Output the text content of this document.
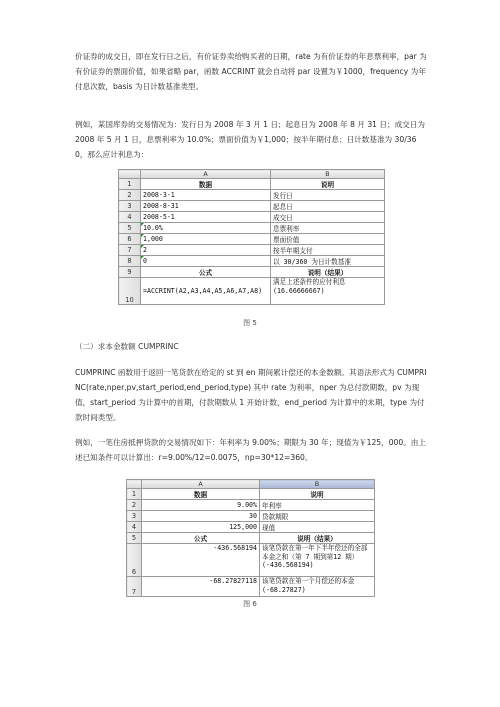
价证券的成交日，即在发行日之后，有价证券卖给购买者的日期，rate 为有价证券的年息票利率，par 为有价证券的票面价值，如果省略 par，函数 ACCRINT 就会自动将 par 设置为￥1000，frequency 为年付息次数，basis 为日计数基准类型。

例如，某国库券的交易情况为：发行日为 2008 年 3 月 1 日；起息日为 2008 年 8 月 31 日；成交日为 2008 年 5 月 1 日，息票利率为 10.0%；票面价值为￥1,000；按半年期付息；日计数基准为 30/360，那么应计利息为：

	A	B
1	数据	说明
2	2008-3-1	发行日
3	2008-8-31	起息日
4	2008-5-1	成交日
5	10.0%	息票利率
6	1,000	票面价值
7	2	按半年期支付
8	0	以 30/360 为日计数基准
9	公式	说明（结果）
10	=ACCRINT(A2,A3,A4,A5,A6,A7,A8)	满足上述条件的应付利息(16.66666667)
图 5
（二）求本金数额 CUMPRINC

CUMPRINC 函数用于返回一笔货款在给定的 st 到 en 期间累计偿还的本金数额。其语法形式为 CUMPRINC(rate,nper,pv,start_period,end_period,type) 其中 rate 为利率，nper 为总付款期数，pv 为现值，start_period 为计算中的首期，付款期数从 1 开始计数，end_period 为计算中的末期，type 为付款时间类型。

例如，一笔住房抵押贷款的交易情况如下：年利率为 9.00%；期限为 30 年；现值为￥125，000。由上述已知条件可以计算出：r=9.00%/12=0.0075，np=30*12=360。

	A	B
1	数据	说明
2	9.00%	年利率
3	30	贷款期限
4	125,000	现值
5	公式	说明（结果）
6	-436.568194	该笔贷款在第一年下半年偿还的全部本金之和（第 7 期到第12 期）(-436.568194)
7	-68.27827118	该笔贷款在第一个月偿还的本金 (-68.27827)
图 6
